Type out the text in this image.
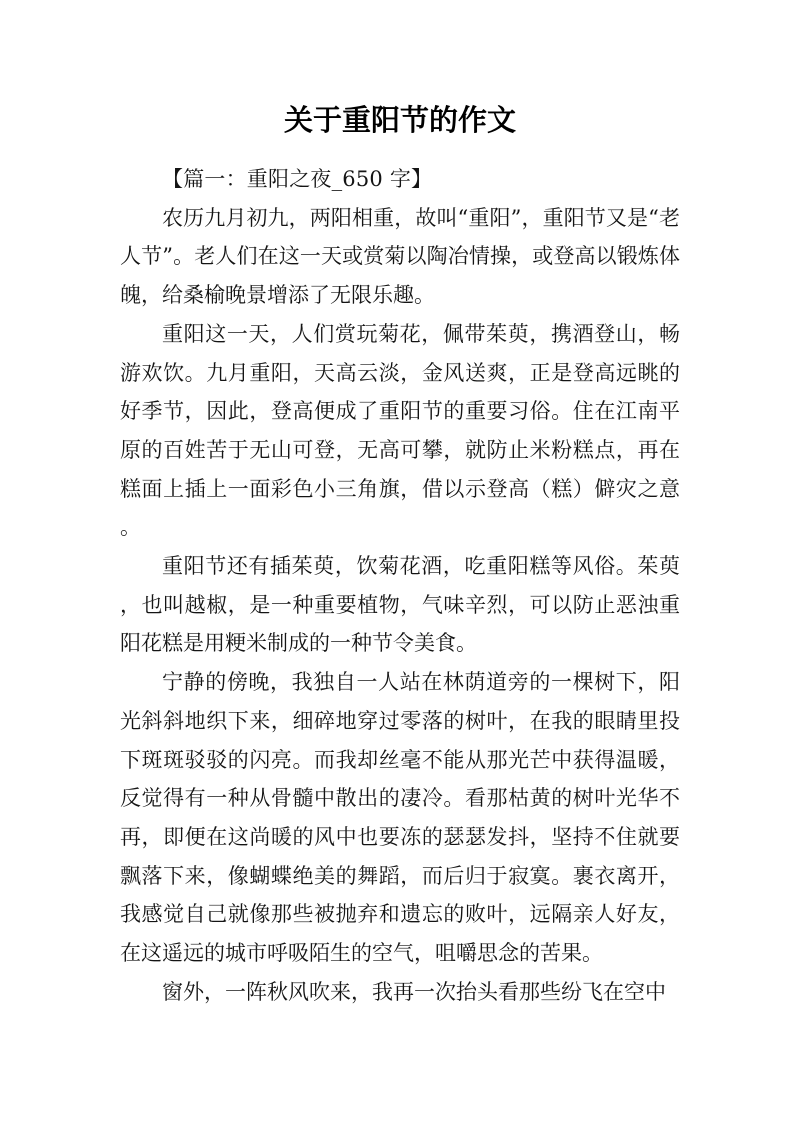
关于重阳节的作文

【篇一：重阳之夜_650 字】

农历九月初九，两阳相重，故叫“重阳”，重阳节又是“老人节”。老人们在这一天或赏菊以陶冶情操，或登高以锻炼体魄，给桑榆晚景增添了无限乐趣。

重阳这一天，人们赏玩菊花，佩带茱萸，携酒登山，畅游欢饮。九月重阳，天高云淡，金风送爽，正是登高远眺的好季节，因此，登高便成了重阳节的重要习俗。住在江南平原的百姓苦于无山可登，无高可攀，就防止米粉糕点，再在糕面上插上一面彩色小三角旗，借以示登高（糕）僻灾之意。

重阳节还有插茱萸，饮菊花酒，吃重阳糕等风俗。茱萸，也叫越椒，是一种重要植物，气味辛烈，可以防止恶浊重阳花糕是用粳米制成的一种节令美食。

宁静的傍晚，我独自一人站在林荫道旁的一棵树下，阳光斜斜地织下来，细碎地穿过零落的树叶，在我的眼睛里投下斑斑驳驳的闪亮。而我却丝毫不能从那光芒中获得温暖，反觉得有一种从骨髓中散出的凄冷。看那枯黄的树叶光华不再，即便在这尚暖的风中也要冻的瑟瑟发抖，坚持不住就要飘落下来，像蝴蝶绝美的舞蹈，而后归于寂寞。裹衣离开，我感觉自己就像那些被抛弃和遗忘的败叶，远隔亲人好友，在这遥远的城市呼吸陌生的空气，咀嚼思念的苦果。

窗外，一阵秋风吹来，我再一次抬头看那些纷飞在空中
